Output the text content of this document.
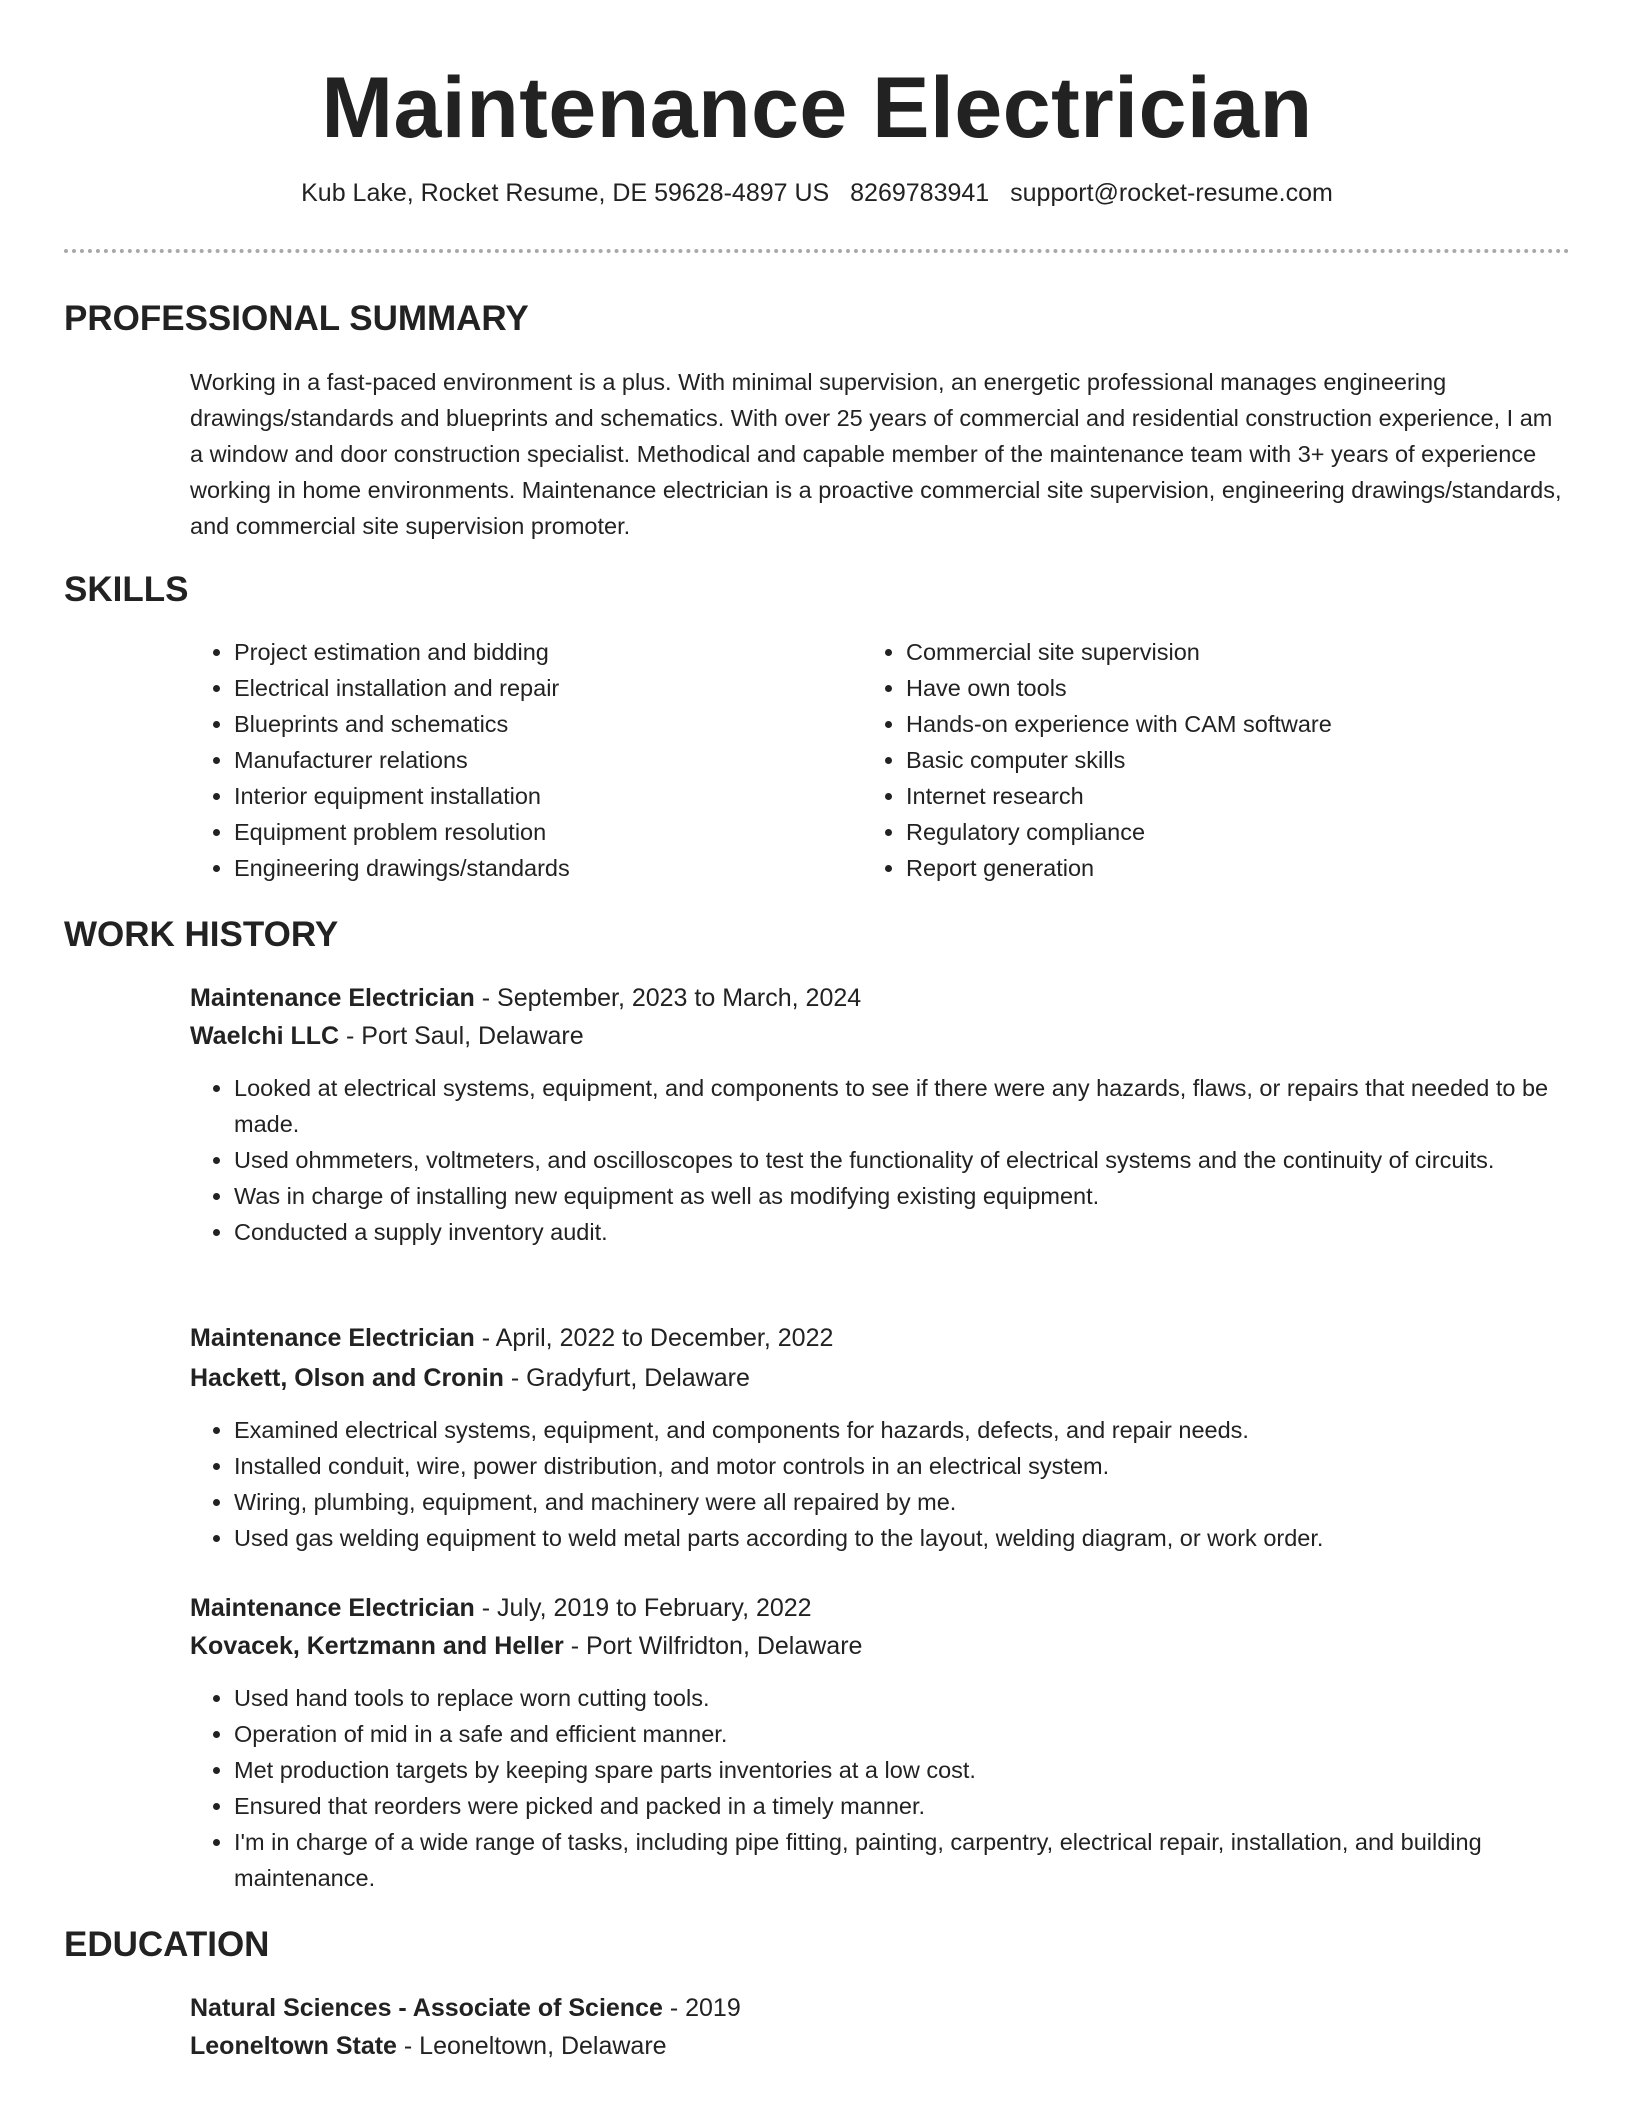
Maintenance Electrician
Kub Lake, Rocket Resume, DE 59628-4897 US 8269783941 support@rocket-resume.com
PROFESSIONAL SUMMARY

Working in a fast-paced environment is a plus. With minimal supervision, an energetic professional manages engineering drawings/standards and blueprints and schematics. With over 25 years of commercial and residential construction experience, I am a window and door construction specialist. Methodical and capable member of the maintenance team with 3+ years of experience working in home environments. Maintenance electrician is a proactive commercial site supervision, engineering drawings/standards, and commercial site supervision promoter.

SKILLS
• Project estimation and bidding
• Electrical installation and repair
• Blueprints and schematics
• Manufacturer relations
• Interior equipment installation
• Equipment problem resolution
• Engineering drawings/standards
• Commercial site supervision
• Have own tools
• Hands-on experience with CAM software
• Basic computer skills
• Internet research
• Regulatory compliance
• Report generation
WORK HISTORY
Maintenance Electrician - September, 2023 to March, 2024
Waelchi LLC - Port Saul, Delaware
• Looked at electrical systems, equipment, and components to see if there were any hazards, flaws, or repairs that needed to be made.
• Used ohmmeters, voltmeters, and oscilloscopes to test the functionality of electrical systems and the continuity of circuits.
• Was in charge of installing new equipment as well as modifying existing equipment.
• Conducted a supply inventory audit.
Maintenance Electrician - April, 2022 to December, 2022
Hackett, Olson and Cronin - Gradyfurt, Delaware
• Examined electrical systems, equipment, and components for hazards, defects, and repair needs.
• Installed conduit, wire, power distribution, and motor controls in an electrical system.
• Wiring, plumbing, equipment, and machinery were all repaired by me.
• Used gas welding equipment to weld metal parts according to the layout, welding diagram, or work order.
Maintenance Electrician - July, 2019 to February, 2022
Kovacek, Kertzmann and Heller - Port Wilfridton, Delaware
• Used hand tools to replace worn cutting tools.
• Operation of mid in a safe and efficient manner.
• Met production targets by keeping spare parts inventories at a low cost.
• Ensured that reorders were picked and packed in a timely manner.
• I'm in charge of a wide range of tasks, including pipe fitting, painting, carpentry, electrical repair, installation, and building maintenance.
EDUCATION
Natural Sciences - Associate of Science - 2019
Leoneltown State - Leoneltown, Delaware
